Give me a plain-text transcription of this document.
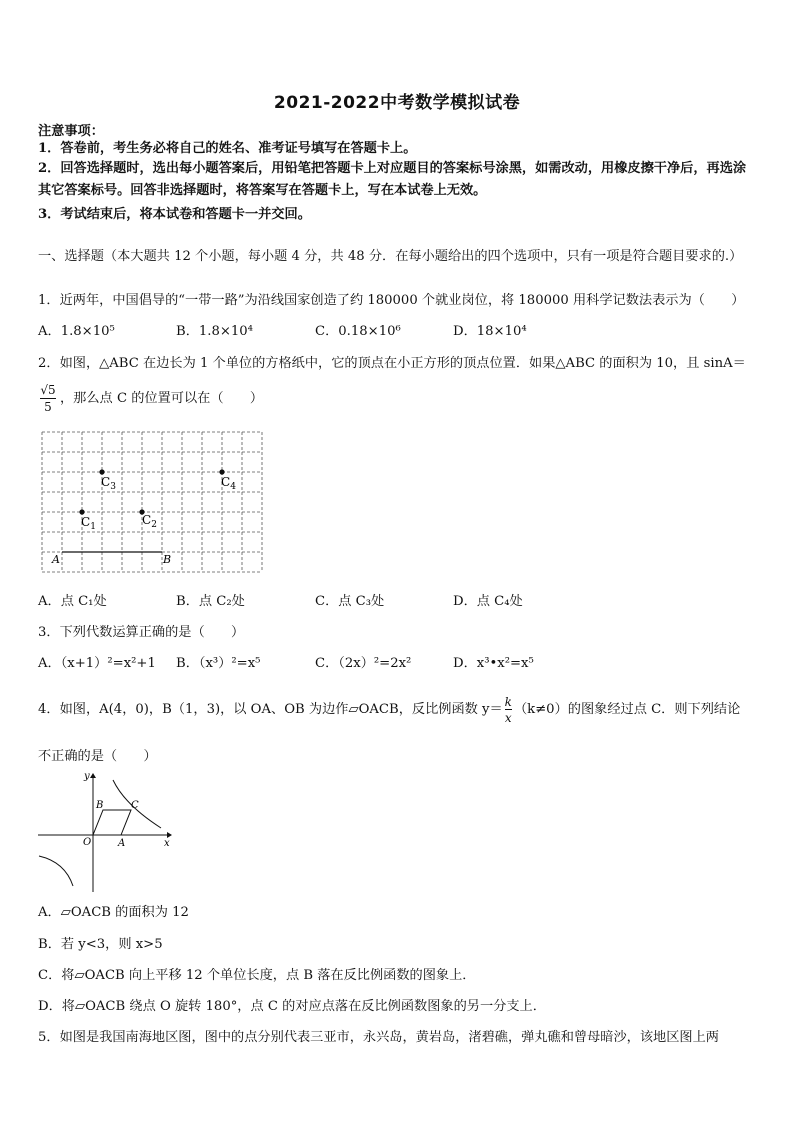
2021-2022中考数学模拟试卷
注意事项：
1．答卷前，考生务必将自己的姓名、准考证号填写在答题卡上。
2．回答选择题时，选出每小题答案后，用铅笔把答题卡上对应题目的答案标号涂黑，如需改动，用橡皮擦干净后，再选涂其它答案标号。回答非选择题时，将答案写在答题卡上，写在本试卷上无效。
3．考试结束后，将本试卷和答题卡一并交回。
一、选择题（本大题共 12 个小题，每小题 4 分，共 48 分．在每小题给出的四个选项中，只有一项是符合题目要求的.）
1．近两年，中国倡导的“一带一路”为沿线国家创造了约 180000 个就业岗位，将 180000 用科学记数法表示为（　　）
A．1.8×10⁵	B．1.8×10⁴	C．0.18×10⁶	D．18×10⁴
2．如图，△ABC 在边长为 1 个单位的方格纸中，它的顶点在小正方形的顶点位置．如果△ABC 的面积为 10，且 sinA＝
$\frac{√5}{5}$ ，那么点 C 的位置可以在（　　）
$C_3$	$C_4$
$C_1$	$C_2$
A	B
A．点 C₁处	B．点 C₂处	C．点 C₃处	D．点 C₄处
3．下列代数运算正确的是（　　）
A．（x+1）²=x²+1 B．（x³）²=x⁵	C．（2x）²=2x²	D．x³•x²=x⁵
4．如图，A(4，0)，B（1，3)，以 OA、OB 为边作▱OACB，反比例函数 $y= \frac{k}{x} (k\ne 0)$的图象经过点 C．则下列结论
不正确的是（　　）
y
B	C
O	A	x
A．▱OACB 的面积为 12
B．若 y<3，则 x>5
C．将▱OACB 向上平移 12 个单位长度，点 B 落在反比例函数的图象上．
D．将▱OACB 绕点 O 旋转 180°，点 C 的对应点落在反比例函数图象的另一分支上．
5．如图是我国南海地区图，图中的点分别代表三亚市，永兴岛，黄岩岛，渚碧礁，弹丸礁和曾母暗沙，该地区图上两
